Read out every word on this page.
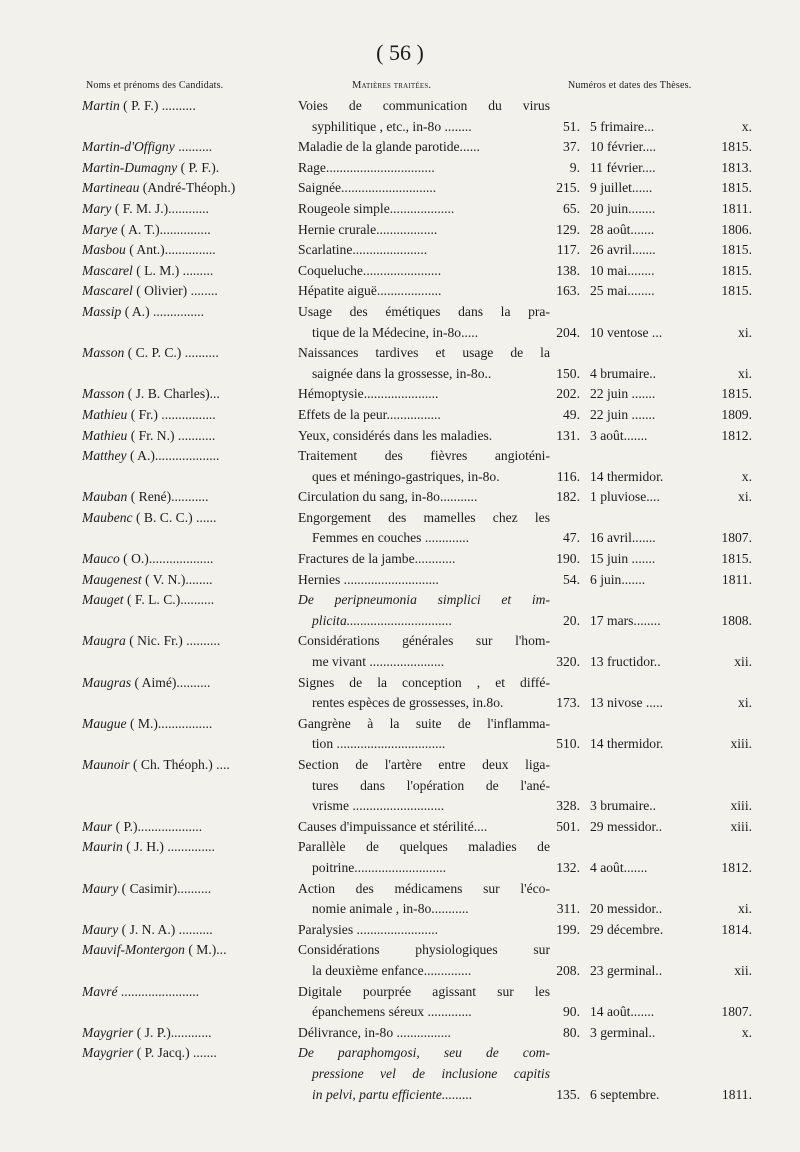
( 56 )
Noms et prénoms des Candidats.	Matières traitées.	Numéros et dates des Thèses.
Martin ( P. F.) ..........	Voies de communication du virus
syphilitique , etc., in-8o ........	51. 5 frimaire...	x.
Martin-d'Offigny ..........	Maladie de la glande parotide......	37. 10 février....	1815.
Martin-Dumagny ( P. F.).	Rage................................	9. 11 février....	1813.
Martineau (André-Théoph.)	Saignée............................	215. 9 juillet......	1815.
Mary ( F. M. J.)............	Rougeole simple...................	65. 20 juin........	1811.
Marye ( A. T.)...............	Hernie crurale..................	129. 28 août.......	1806.
Masbou ( Ant.)...............	Scarlatine......................	117. 26 avril.......	1815.
Mascarel ( L. M.) .........	Coqueluche.......................	138. 10 mai........	1815.
Mascarel ( Olivier) ........	Hépatite aiguë...................	163. 25 mai........	1815.
Massip ( A.) ...............	Usage des émétiques dans la pra-
tique de la Médecine, in-8o.....	204. 10 ventose ...	xi.
Masson ( C. P. C.) ..........	Naissances tardives et usage de la
saignée dans la grossesse, in-8o..	150. 4 brumaire..	xi.
Masson ( J. B. Charles)...	Hémoptysie......................	202. 22 juin .......	1815.
Mathieu ( Fr.) ................	Effets de la peur................	49. 22 juin .......	1809.
Mathieu ( Fr. N.) ...........	Yeux, considérés dans les maladies.	131. 3 août.......	1812.
Matthey ( A.)...................	Traitement des fièvres angioténi-
ques et méningo-gastriques, in-8o.	116. 14 thermidor.	x.
Mauban ( René)...........	Circulation du sang, in-8o...........	182. 1 pluviose....	xi.
Maubenc ( B. C. C.) ......	Engorgement des mamelles chez les
Femmes en couches .............	47. 16 avril.......	1807.
Mauco ( O.)...................	Fractures de la jambe............	190. 15 juin .......	1815.
Maugenest ( V. N.)........	Hernies ............................	54. 6 juin.......	1811.
Mauget ( F. L. C.)..........	De peripneumonia simplici et im-
plicita...............................	20. 17 mars........	1808.
Maugra ( Nic. Fr.) ..........	Considérations générales sur l'hom-
me vivant ......................	320. 13 fructidor..	xii.
Maugras ( Aimé)..........	Signes de la conception , et diffé-
rentes espèces de grossesses, in.8o.	173. 13 nivose .....	xi.
Maugue ( M.)................	Gangrène à la suite de l'inflamma-
tion ................................	510. 14 thermidor.	xiii.
Maunoir ( Ch. Théoph.) ....	Section de l'artère entre deux liga-
tures dans l'opération de l'ané-
vrisme ...........................	328. 3 brumaire..	xiii.
Maur ( P.)...................	Causes d'impuissance et stérilité....	501. 29 messidor..	xiii.
Maurin ( J. H.) ..............	Parallèle de quelques maladies de
poitrine...........................	132. 4 août.......	1812.
Maury ( Casimir)..........	Action des médicamens sur l'éco-
nomie animale , in-8o...........	311. 20 messidor..	xi.
Maury ( J. N. A.) ..........	Paralysies ........................	199. 29 décembre.	1814.
Mauvif-Montergon ( M.)...	Considérations physiologiques sur
la deuxième enfance..............	208. 23 germinal..	xii.
Mavré .......................	Digitale pourprée agissant sur les
épanchemens séreux .............	90. 14 août.......	1807.
Maygrier ( J. P.)............	Délivrance, in-8o ................	80. 3 germinal..	x.
Maygrier ( P. Jacq.) .......	De paraphomgosi, seu de com-
pressione vel de inclusione capitis
in pelvi, partu efficiente.........	135. 6 septembre.	1811.
